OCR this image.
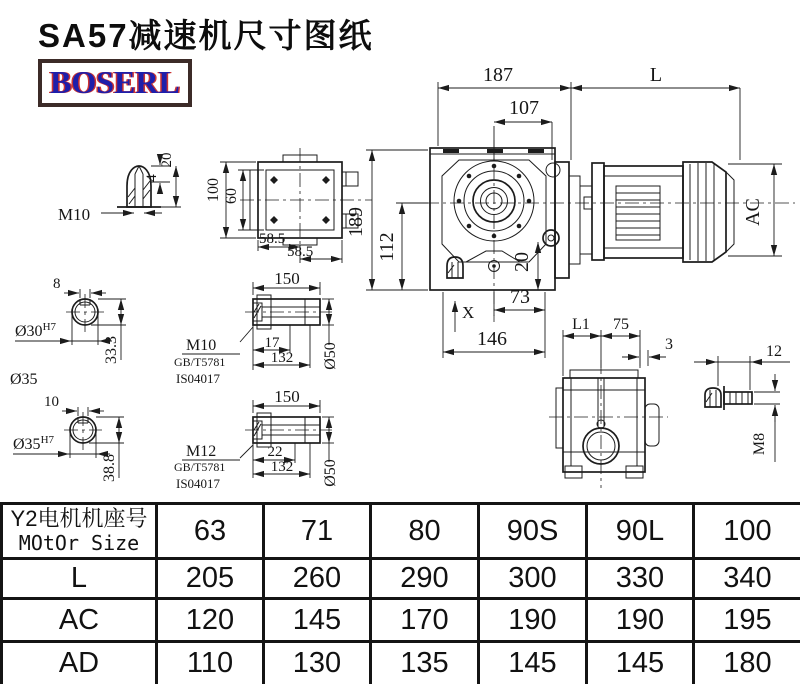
SA57减速机尺寸图纸
BOSERL
M10
4
20
100 60
58.5
58.5
150
17
132 Ø50
M10
GB/T5781
IS04017
150
22
132 Ø50
M12
GB/T5781
IS04017
8
$Ø30^{H7}$
33.3
Ø35
10
$Ø35^{H7}$
38.8
187	L
107
189
112
20
73
146
X
AC
L1 75
3	12
M8
Y2电机机座号
MOtOr Size	63	71	80	90S	90L	100
L	205	260	290	300	330	340
AC	120	145	170	190	190	195
AD	110	130	135	145	145	180
